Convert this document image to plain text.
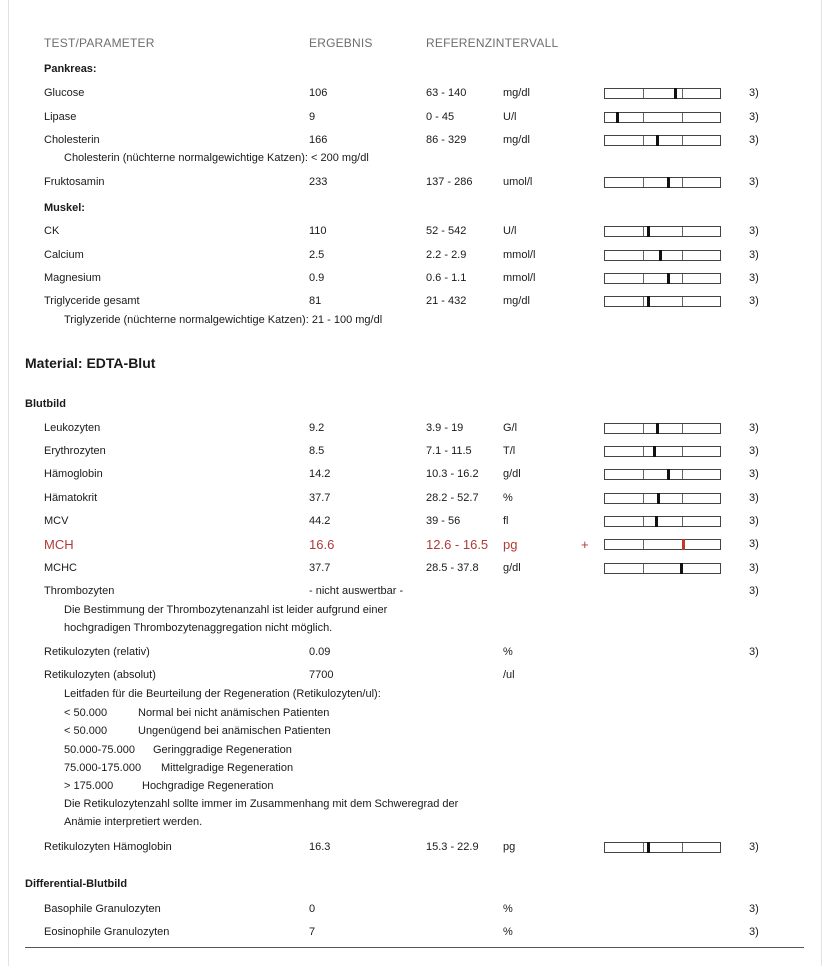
TEST/PARAMETER	ERGEBNIS	REFERENZINTERVALL
Pankreas:
Glucose	106	63 - 140	mg/dl	3)
Lipase	9	0 - 45	U/l	3)
Cholesterin	166	86 - 329	mg/dl	3)
Cholesterin (nüchterne normalgewichtige Katzen): < 200 mg/dl
Fruktosamin	233	137 - 286	umol/l	3)
Muskel:
CK	110	52 - 542	U/l	3)
Calcium	2.5	2.2 - 2.9	mmol/l	3)
Magnesium	0.9	0.6 - 1.1	mmol/l	3)
Triglyceride gesamt	81	21 - 432	mg/dl	3)
Triglyzeride (nüchterne normalgewichtige Katzen): 21 - 100 mg/dl
Material: EDTA-Blut
Blutbild
Leukozyten	9.2	3.9 - 19	G/l	3)
Erythrozyten	8.5	7.1 - 11.5	T/l	3)
Hämoglobin	14.2	10.3 - 16.2 g/dl	3)
Hämatokrit	37.7	28.2 - 52.7 %	3)
MCV	44.2	39 - 56	fl	3)
MCH	16.6	12.6 - 16.5 pg	+	3)
MCHC	37.7	28.5 - 37.8 g/dl	3)
Thrombozyten	- nicht auswertbar -	3)
Die Bestimmung der Thrombozytenanzahl ist leider aufgrund einer
hochgradigen Thrombozytenaggregation nicht möglich.
Retikulozyten (relativ)	0.09	%	3)
Retikulozyten (absolut)	7700	/ul
Leitfaden für die Beurteilung der Regeneration (Retikulozyten/ul):
< 50.000	Normal bei nicht anämischen Patienten
< 50.000	Ungenügend bei anämischen Patienten
50.000-75.000 Geringgradige Regeneration
75.000-175.000 Mittelgradige Regeneration
> 175.000	Hochgradige Regeneration
Die Retikulozytenzahl sollte immer im Zusammenhang mit dem Schweregrad der
Anämie interpretiert werden.
Retikulozyten Hämoglobin	16.3	15.3 - 22.9 pg	3)
Differential-Blutbild
Basophile Granulozyten	0	%	3)
Eosinophile Granulozyten	7	%	3)
